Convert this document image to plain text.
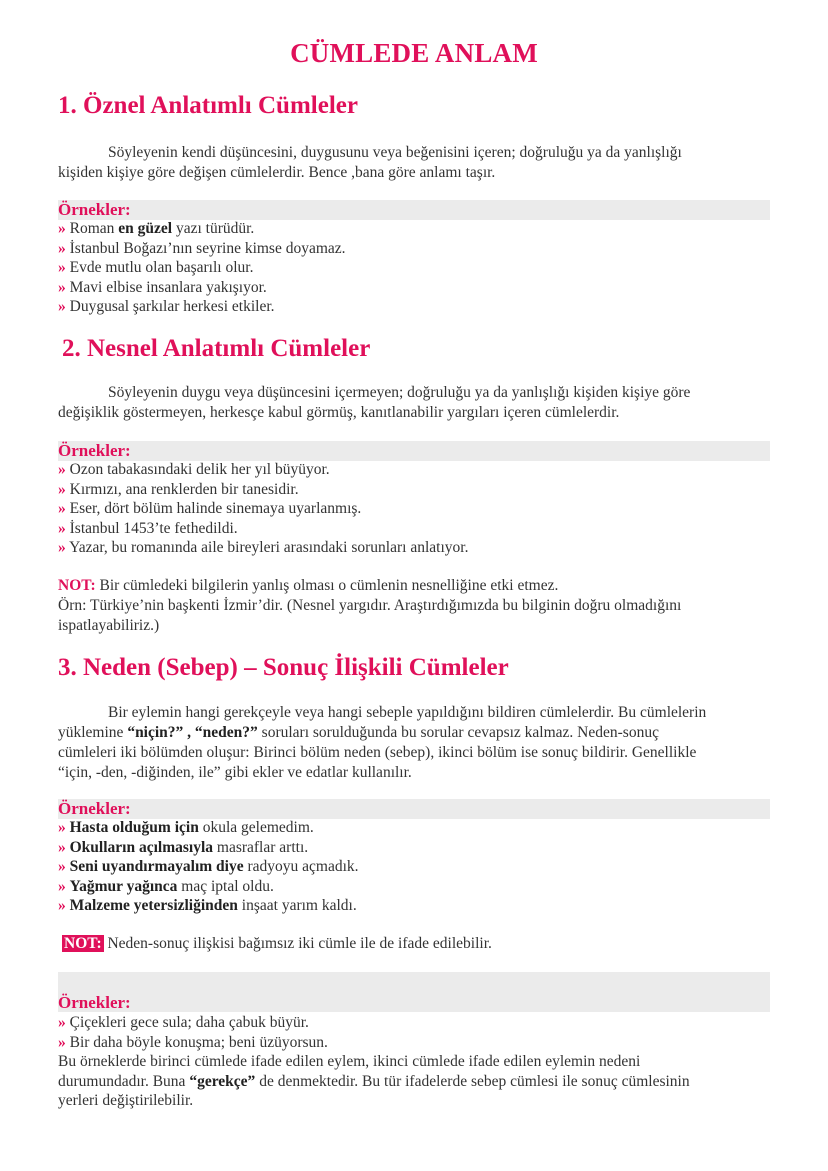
CÜMLEDE ANLAM
1. Öznel Anlatımlı Cümleler
Söyleyenin kendi düşüncesini, duygusunu veya beğenisini içeren; doğruluğu ya da yanlışlığı
kişiden kişiye göre değişen cümlelerdir. Bence ,bana göre anlamı taşır.
Örnekler:
» Roman en güzel yazı türüdür.
» İstanbul Boğazı’nın seyrine kimse doyamaz.
» Evde mutlu olan başarılı olur.
» Mavi elbise insanlara yakışıyor.
» Duygusal şarkılar herkesi etkiler.
2. Nesnel Anlatımlı Cümleler
Söyleyenin duygu veya düşüncesini içermeyen; doğruluğu ya da yanlışlığı kişiden kişiye göre
değişiklik göstermeyen, herkesçe kabul görmüş, kanıtlanabilir yargıları içeren cümlelerdir.
Örnekler:
» Ozon tabakasındaki delik her yıl büyüyor.
» Kırmızı, ana renklerden bir tanesidir.
» Eser, dört bölüm halinde sinemaya uyarlanmış.
» İstanbul 1453’te fethedildi.
» Yazar, bu romanında aile bireyleri arasındaki sorunları anlatıyor.
NOT: Bir cümledeki bilgilerin yanlış olması o cümlenin nesnelliğine etki etmez.
Örn: Türkiye’nin başkenti İzmir’dir. (Nesnel yargıdır. Araştırdığımızda bu bilginin doğru olmadığını
ispatlayabiliriz.)
3. Neden (Sebep) – Sonuç İlişkili Cümleler
Bir eylemin hangi gerekçeyle veya hangi sebeple yapıldığını bildiren cümlelerdir. Bu cümlelerin
yüklemine “niçin?” , “neden?” soruları sorulduğunda bu sorular cevapsız kalmaz. Neden-sonuç
cümleleri iki bölümden oluşur: Birinci bölüm neden (sebep), ikinci bölüm ise sonuç bildirir. Genellikle
“için, -den, -diğinden, ile” gibi ekler ve edatlar kullanılır.
Örnekler:
» Hasta olduğum için okula gelemedim.
» Okulların açılmasıyla masraflar arttı.
» Seni uyandırmayalım diye radyoyu açmadık.
» Yağmur yağınca maç iptal oldu.
» Malzeme yetersizliğinden inşaat yarım kaldı.
NOT: Neden-sonuç ilişkisi bağımsız iki cümle ile de ifade edilebilir.
Örnekler:
» Çiçekleri gece sula; daha çabuk büyür.
» Bir daha böyle konuşma; beni üzüyorsun.
Bu örneklerde birinci cümlede ifade edilen eylem, ikinci cümlede ifade edilen eylemin nedeni
durumundadır. Buna “gerekçe” de denmektedir. Bu tür ifadelerde sebep cümlesi ile sonuç cümlesinin
yerleri değiştirilebilir.
